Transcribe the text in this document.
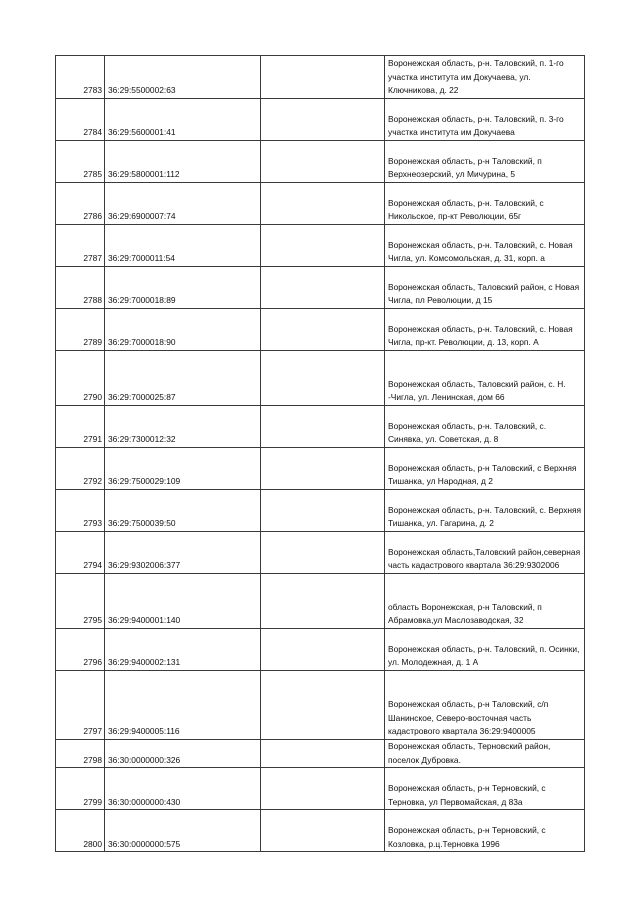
2783	36:29:5500002:63		Воронежская область, р-н. Таловский, п. 1-го участка института им Докучаева, ул. Ключникова, д. 22
2784	36:29:5600001:41		Воронежская область, р-н. Таловский, п. 3-го участка института им Докучаева
2785	36:29:5800001:112		Воронежская область, р-н Таловский, п Верхнеозерский, ул Мичурина, 5
2786	36:29:6900007:74		Воронежская область, р-н. Таловский, с Никольское, пр-кт Революции, 65г
2787	36:29:7000011:54		Воронежская область, р-н. Таловский, с. Новая Чигла, ул. Комсомольская, д. 31, корп. а
2788	36:29:7000018:89		Воронежская область, Таловский район, с Новая Чигла, пл Революции, д 15
2789	36:29:7000018:90		Воронежская область, р-н. Таловский, с. Новая Чигла, пр-кт. Революции, д. 13, корп. А
2790	36:29:7000025:87		Воронежская область, Таловский район, с. Н. -Чигла, ул. Ленинская, дом 66
2791	36:29:7300012:32		Воронежская область, р-н. Таловский, с. Синявка, ул. Советская, д. 8
2792	36:29:7500029:109		Воронежская область, р-н Таловский, с Верхняя Тишанка, ул Народная, д 2
2793	36:29:7500039:50		Воронежская область, р-н. Таловский, с. Верхняя Тишанка, ул. Гагарина, д. 2
2794	36:29:9302006:377		Воронежская область,Таловский район,северная часть кадастрового квартала 36:29:9302006
2795	36:29:9400001:140		область Воронежская, р-н Таловский, п Абрамовка,ул Маслозаводская, 32
2796	36:29:9400002:131		Воронежская область, р-н. Таловский, п. Осинки, ул. Молодежная, д. 1 А
2797	36:29:9400005:116		Воронежская область, р-н Таловский, с/п Шанинское, Северо-восточная часть кадастрового квартала 36:29:9400005
2798	36:30:0000000:326		Воронежская область, Терновский район, поселок Дубровка.
2799	36:30:0000000:430		Воронежская область, р-н Терновский, с Терновка, ул Первомайская, д 83а
2800	36:30:0000000:575		Воронежская область, р-н Терновский, с Козловка, р.ц.Терновка 1996
